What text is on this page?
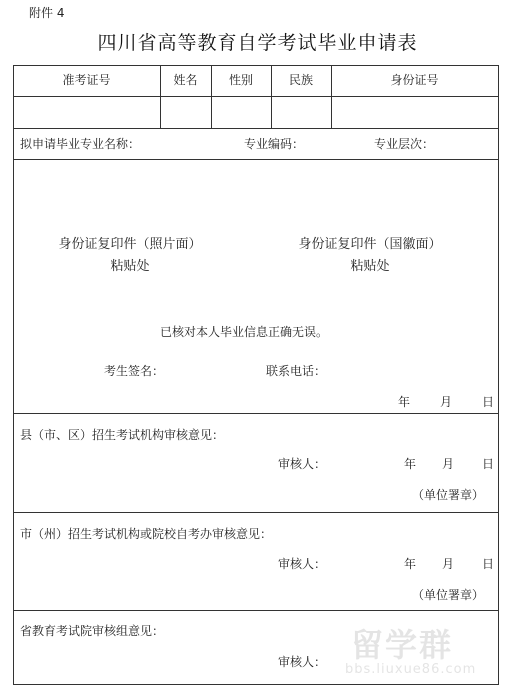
附件 4
四川省高等教育自学考试毕业申请表
准考证号	姓名	性别	民族	身份证号
拟申请毕业专业名称：	专业编码：	专业层次：
身份证复印件（照片面）
粘贴处
身份证复印件（国徽面）
粘贴处
已核对本人毕业信息正确无误。
考生签名：	联系电话：
年 月 日
县（市、区）招生考试机构审核意见：
审核人：	年 月 日
（单位署章）
市（州）招生考试机构或院校自考办审核意见：
审核人：	年 月 日
（单位署章）
省教育考试院审核组意见：
审核人： 留学群
bbs.liuxue86.com
